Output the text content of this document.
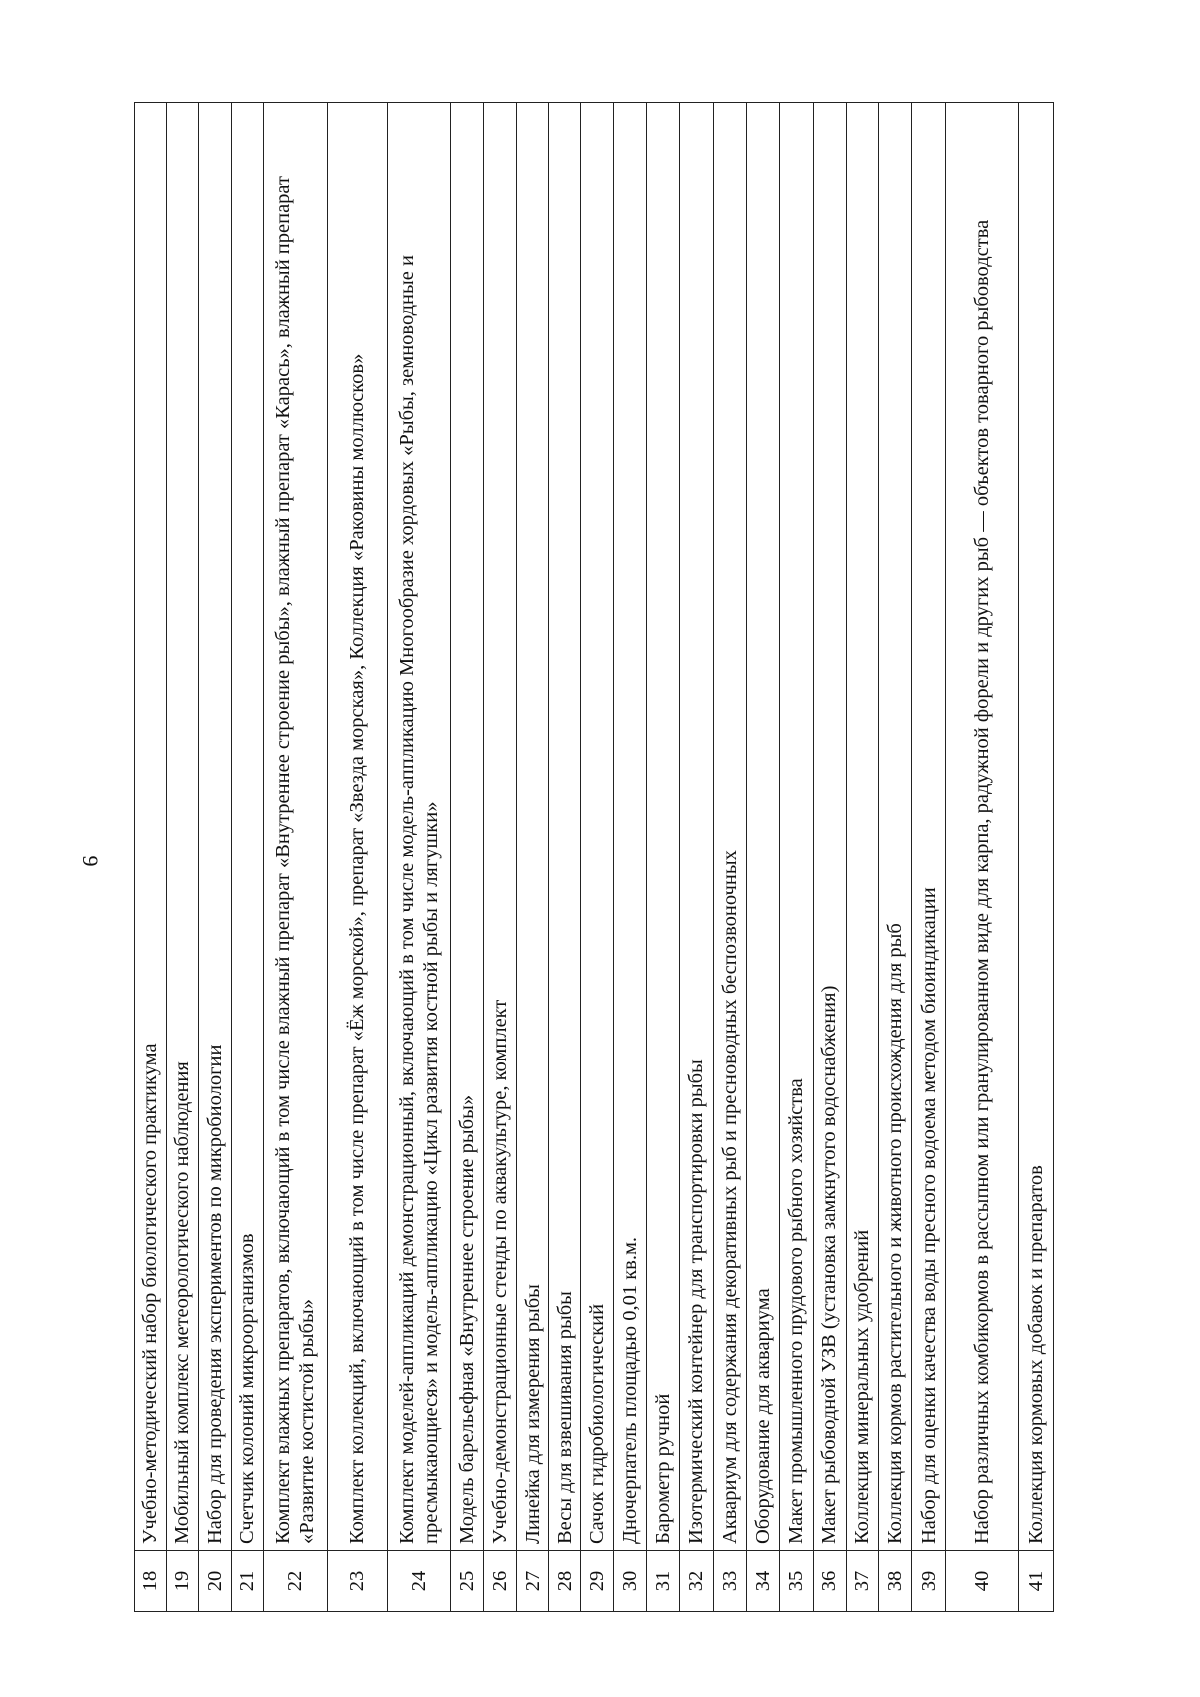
9
18	Учебно-методический набор биологического практикума
19	Мобильный комплекс метеорологического наблюдения
20	Набор для проведения экспериментов по микробиологии
21	Счетчик колоний микроорганизмов
22	Комплект влажных препаратов, включающий в том числе влажный препарат «Внутреннее строение рыбы», влажный препарат «Карась», влажный препарат «Развитие костистой рыбы»
23	Комплект коллекций, включающий в том числе препарат «Ёж морской», препарат «Звезда морская», Коллекция «Раковины моллюсков»
24	Комплект моделей-аппликаций демонстрационный, включающий в том числе модель-аппликацию Многообразие хордовых «Рыбы, земноводные и пресмыкающиеся» и модель-аппликацию «Цикл развития костной рыбы и лягушки»
25	Модель барельефная «Внутреннее строение рыбы»
26	Учебно-демонстрационные стенды по аквакультуре, комплект
27	Линейка для измерения рыбы
28	Весы для взвешивания рыбы
29	Сачок гидробиологический
30	Дночерпатель площадью 0,01 кв.м.
31	Барометр ручной
32	Изотермический контейнер для транспортировки рыбы
33	Аквариум для содержания декоративных рыб и пресноводных беспозвоночных
34	Оборудование для аквариума
35	Макет промышленного прудового рыбного хозяйства
36	Макет рыбоводной УЗВ (установка замкнутого водоснабжения)
37	Коллекция минеральных удобрений
38	Коллекция кормов растительного и животного происхождения для рыб
39	Набор для оценки качества воды пресного водоема методом биоиндикации
40	Набор различных комбикормов в рассыпном или гранулированном виде для карпа, радужной форели и других рыб — объектов товарного рыбоводства
41	Коллекция кормовых добавок и препаратов
